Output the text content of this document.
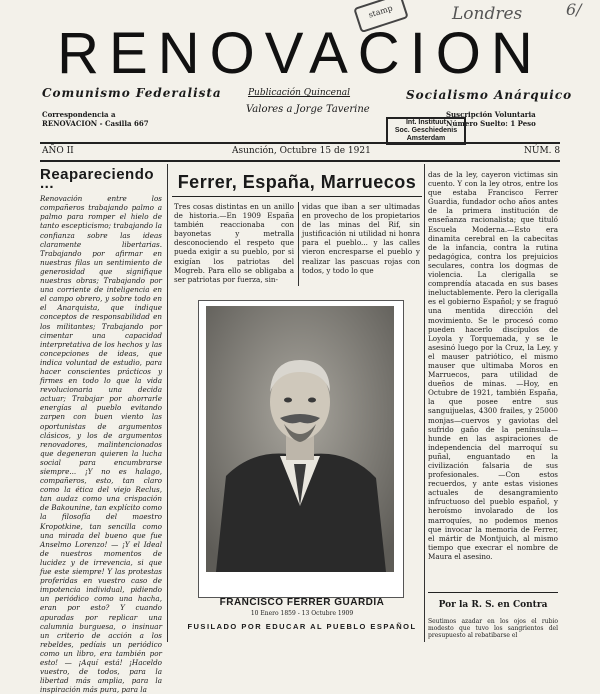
Londres	6/
stamp
RENOVACION
Comunismo Federalista	Publicación Quincenal
Valores a Jorge Taverine
Socialismo Anárquico
Correspondencia a
RENOVACION - Casilla 667
Suscripción Voluntaria
Número Suelto: 1 Peso
Int. Instituut
Soc. Geschiedenis
Amsterdam
AÑO II	Asunción, Octubre 15 de 1921	NÚM. 8
Reapareciendo ...
Renovación entre los compañeros trabajando palmo a palmo para romper el hielo de tanto escepticismo; trabajando la confianza sobre las ideas claramente libertarias. Trabajando por afirmar en nuestras filas un sentimiento de generosidad que signifique nuestras obras; Trabajando por una corriente de inteligencia en el campo obrero, y sobre todo en el Anarquista, que indique conceptos de responsabilidad en los militantes; Trabajando por cimentar una capacidad interpretativa de los hechos y las concepciones de ideas, que indica voluntad de estudio, para hacer conscientes prácticos y firmes en todo lo que la vida revolucionaria una decida actuar; Trabajar por ahorrarle energías al pueblo evitando zarpen con buen viento las oportunistas de argumentos clásicos, y los de argumentos renovadores, malintencionados que degeneran quieren la lucha social para encumbrarse siempre... ¡Y no es halago, compañeros, esto, tan claro como la ética del viejo Reclus, tan audaz como una crispación de Bakounine, tan explícito como la filosofía del maestro Kropotkine, tan sencilla como una mirada del bueno que fue Anselmo Lorenzo! — ¡Y el Ideal de nuestros momentos de lucidez y de irrevencia, si que fue este siempre! Y las protestas proferidas en vuestro caso de impotencia individual, pidiendo un periódico como una hacha, eran por esto? Y cuando apuradas por replicar una calumnia burguesa, o insinuar un criterio de acción a los rebeldes, pedíais un periódico como un libro, era también por esto! — ¡Aquí está! ¡Haceldo vuestro, de todos, para la libertad más amplia, para la inspiración más pura, para la
Ferrer, España, Marruecos
Tres cosas distintas en un anillo de historia.—En 1909 España también reaccionaba con bayonetas y metralla desconociendo el respeto que pueda exigir a su pueblo, por si exigían los patriotas del Mogreb. Para ello se obligaba a ser patriotas por fuerza, sin-
vidas que iban a ser ultimadas en provecho de los propietarios de las minas del Rif, sin justificación ni utilidad ni honra para el pueblo... y las calles vieron encresparse el pueblo y realizar las pascuas rojas con todos, y todo lo que
FRANCISCO FERRER GUARDIA
10 Enero 1859 - 13 Octubre 1909
FUSILADO POR EDUCAR AL PUEBLO ESPAÑOL
das de la ley, cayeron victimas sin cuento. Y con la ley otros, entre los que estaba Francisco Ferrer Guardia, fundador ocho años antes de la primera institución de enseñanza racionalista; que tituló Escuela Moderna.—Esto era dinamita cerebral en la cabecitas de la infancia, contra la rutina pedagógica, contra los prejuicios seculares, contra los dogmas de violencia. La clerigalla se comprendía atacada en sus bases ineluctablemente. Pero la clerigalla es el gobierno Español; y se fraguó una mentida dirección del movimiento. Se le procesó como pueden hacerlo discípulos de Loyola y Torquemada, y se le asesinó luego por la Cruz, la Ley, y el mauser patriótico, el mismo mauser que ultimaba Moros en Marruecos, para utilidad de dueños de minas. —Hoy, en Octubre de 1921, también España, la que posee entre sus sanguijuelas, 4300 frailes, y 25000 monjas—cuervos y gaviotas del sufrido gaño de la península—hunde en las aspiraciones de independencia del marroquí su puñal, enguantado en la civilización falsaria de sus profesionales. —Con estos recuerdos, y ante estas visiones actuales de desangramiento infructuoso del pueblo español, y heroísmo involarado de los marroquíes, no podemos menos que invocar la memoria de Ferrer, el mártir de Montjuich, al mismo tiempo que execrar el nombre de Maura el asesino.
Por la R. S. en Contra
Seutimos azadar en los ojos el rubio modesto que tuvo los sangrientos del presupuesto al rebatibarse el
